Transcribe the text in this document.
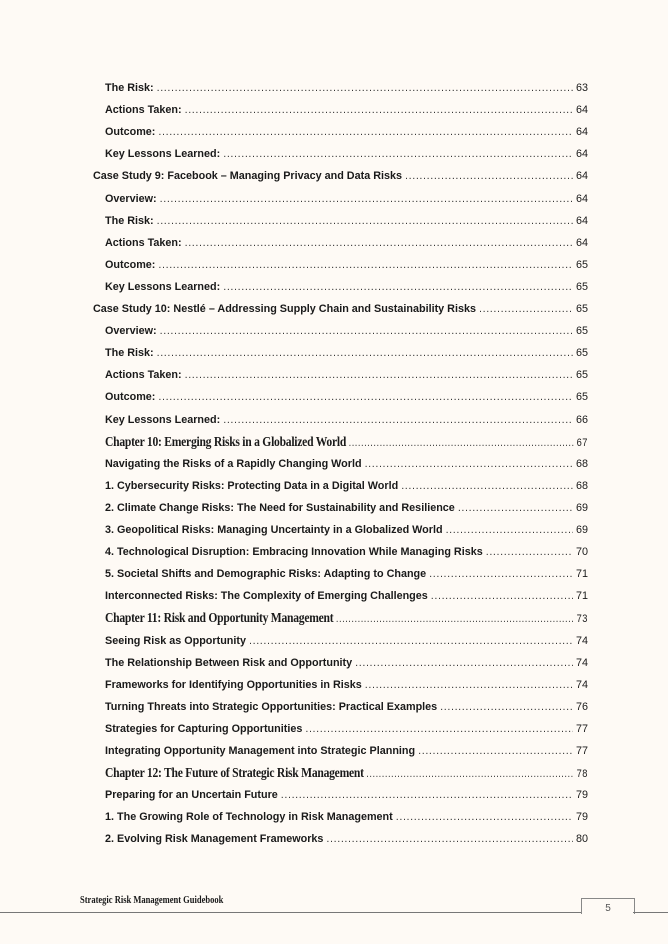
The Risk: .....	63
Actions Taken: .....	64
Outcome: .....	64
Key Lessons Learned: .....	64
Case Study 9: Facebook – Managing Privacy and Data Risks .....	64
Overview: .....	64
The Risk: .....	64
Actions Taken: .....	64
Outcome: .....	65
Key Lessons Learned: .....	65
Case Study 10: Nestlé – Addressing Supply Chain and Sustainability Risks .....	65
Overview: .....	65
The Risk: .....	65
Actions Taken: .....	65
Outcome: .....	65
Key Lessons Learned: .....	66
Chapter 10: Emerging Risks in a Globalized World .....	67
Navigating the Risks of a Rapidly Changing World .....	68
1. Cybersecurity Risks: Protecting Data in a Digital World .....	68
2. Climate Change Risks: The Need for Sustainability and Resilience .....	69
3. Geopolitical Risks: Managing Uncertainty in a Globalized World .....	69
4. Technological Disruption: Embracing Innovation While Managing Risks .....	70
5. Societal Shifts and Demographic Risks: Adapting to Change .....	71
Interconnected Risks: The Complexity of Emerging Challenges .....	71
Chapter 11: Risk and Opportunity Management .....	73
Seeing Risk as Opportunity .....	74
The Relationship Between Risk and Opportunity .....	74
Frameworks for Identifying Opportunities in Risks .....	74
Turning Threats into Strategic Opportunities: Practical Examples .....	76
Strategies for Capturing Opportunities .....	77
Integrating Opportunity Management into Strategic Planning .....	77
Chapter 12: The Future of Strategic Risk Management .....	78
Preparing for an Uncertain Future .....	79
1. The Growing Role of Technology in Risk Management .....	79
2. Evolving Risk Management Frameworks .....	80
Strategic Risk Management Guidebook
5
